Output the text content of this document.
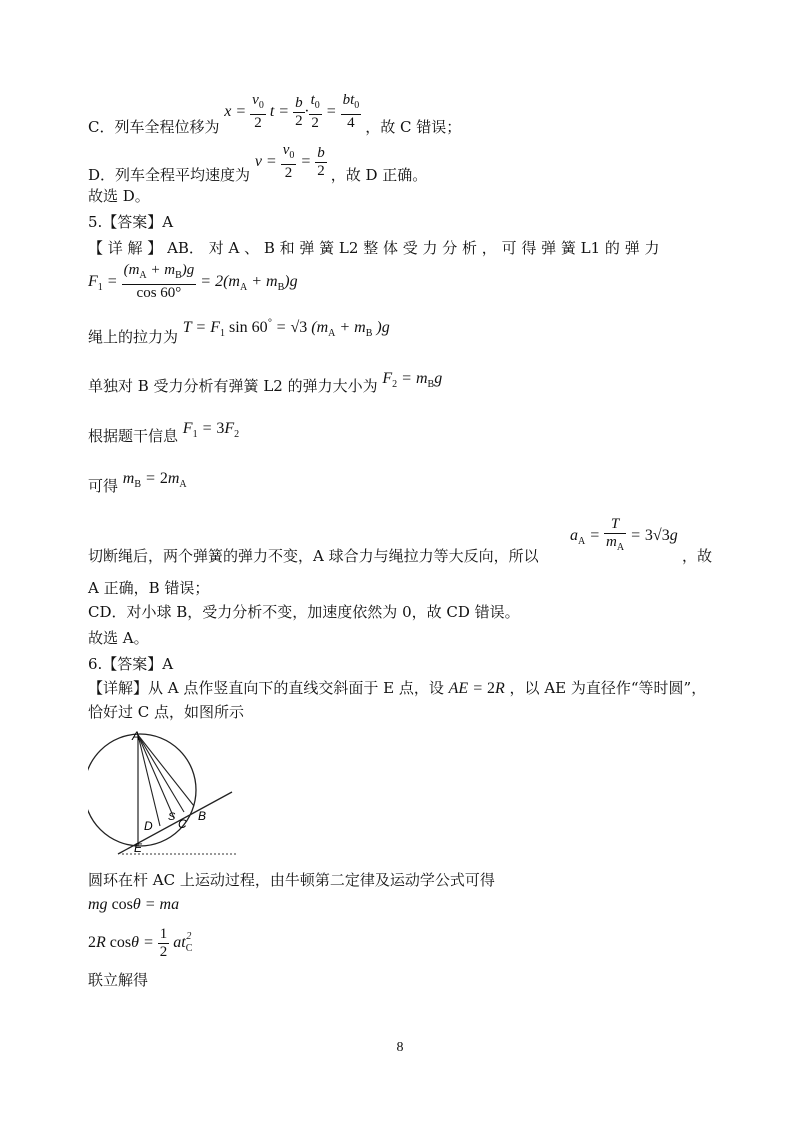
C．列车全程位移为 $x = \frac{v_0}{2}$ $t = \frac{b}{2} \cdot \frac{t_0}{2} = \frac{bt_0}{4}$ ，故 C 错误；
D．列车全程平均速度为 $v = \frac{v_0}{2} = \frac{b}{2}$ ，故 D 正确。
故选 D。
5.【答案】A
【 详 解 】 AB． 对 A 、 B 和 弹 簧 L2 整 体 受 力 分 析 ， 可 得 弹 簧 L1 的 弹 力
$F_1 = \frac{(m_A + m_B)g}{\cos 60^\circ} = 2(m_A + m_B)g$
绳上的拉力为 $T = F_1$ sin 60° = √3 ($m_A + m_B$ )g
单独对 B 受力分析有弹簧 L2 的弹力大小为 $F_2 = m_Bg$
根据题干信息 $F_1 = 3F_2$
可得 $m_B = 2m_A$
$a_A = \frac{T}{m_A} = 3√3g$
切断绳后，两个弹簧的弹力不变，A 球合力与绳拉力等大反向，所以	，故
A 正确，B 错误；
CD．对小球 B，受力分析不变，加速度依然为 0，故 CD 错误。
故选 A。
6.【答案】A
【详解】从 A 点作竖直向下的直线交斜面于 E 点，设 AE = 2R ，以 AE 为直径作“等时圆”，
恰好过 C 点，如图所示
A
D
S C
B
E
圆环在杆 AC 上运动过程，由牛顿第二定律及运动学公式可得
mg cosθ = ma
2R $\cos\theta = \frac{1}{2} at_C^2$
联立解得
8
